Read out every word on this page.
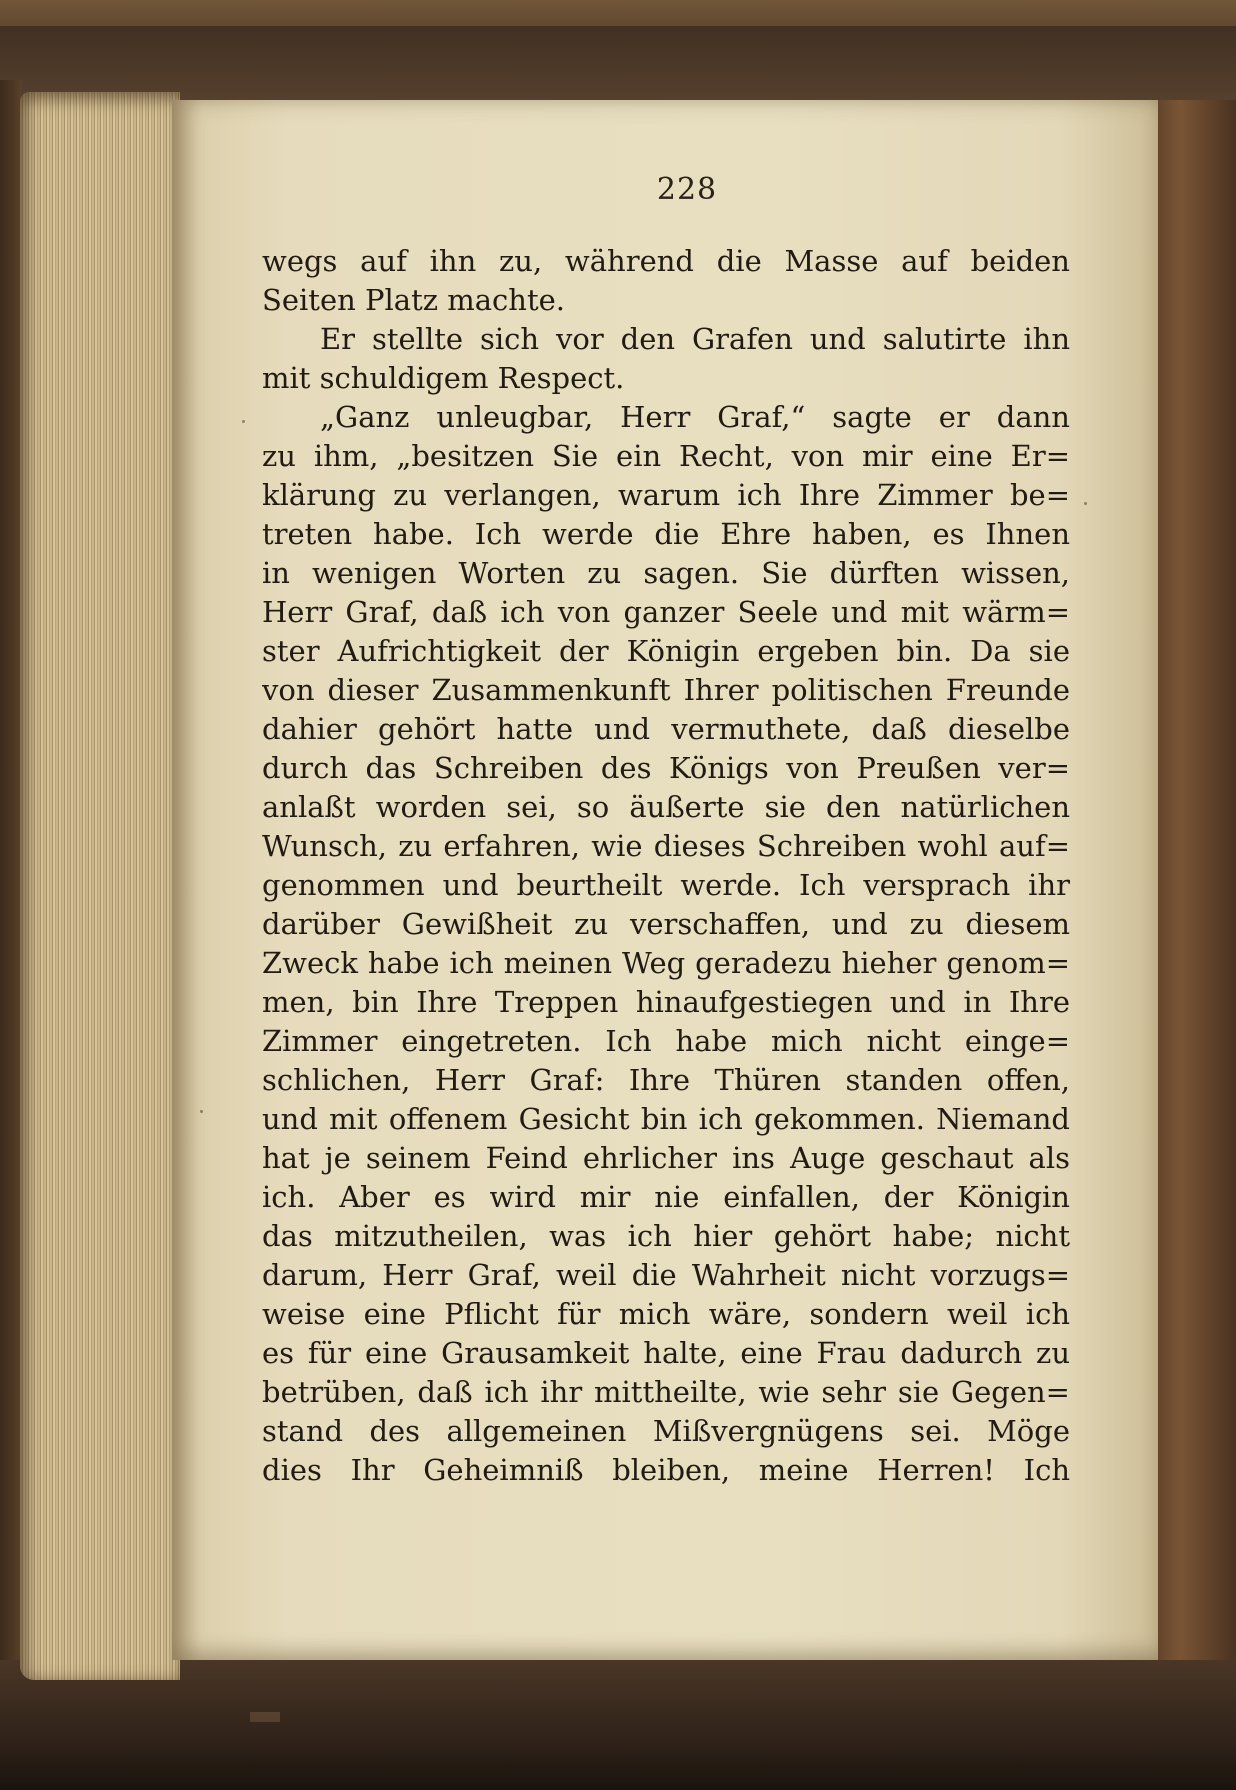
228
wegs auf ihn zu, während die Masse auf beiden
Seiten Platz machte.
Er stellte sich vor den Grafen und salutirte ihn
mit schuldigem Respect.
„Ganz unleugbar, Herr Graf,“ sagte er dann
zu ihm, „besitzen Sie ein Recht, von mir eine Er=
klärung zu verlangen, warum ich Ihre Zimmer be=
treten habe. Ich werde die Ehre haben, es Ihnen
in wenigen Worten zu sagen. Sie dürften wissen,
Herr Graf, daß ich von ganzer Seele und mit wärm=
ster Aufrichtigkeit der Königin ergeben bin. Da sie
von dieser Zusammenkunft Ihrer politischen Freunde
dahier gehört hatte und vermuthete, daß dieselbe
durch das Schreiben des Königs von Preußen ver=
anlaßt worden sei, so äußerte sie den natürlichen
Wunsch, zu erfahren, wie dieses Schreiben wohl auf=
genommen und beurtheilt werde. Ich versprach ihr
darüber Gewißheit zu verschaffen, und zu diesem
Zweck habe ich meinen Weg geradezu hieher genom=
men, bin Ihre Treppen hinaufgestiegen und in Ihre
Zimmer eingetreten. Ich habe mich nicht einge=
schlichen, Herr Graf: Ihre Thüren standen offen,
und mit offenem Gesicht bin ich gekommen. Niemand
hat je seinem Feind ehrlicher ins Auge geschaut als
ich. Aber es wird mir nie einfallen, der Königin
das mitzutheilen, was ich hier gehört habe; nicht
darum, Herr Graf, weil die Wahrheit nicht vorzugs=
weise eine Pflicht für mich wäre, sondern weil ich
es für eine Grausamkeit halte, eine Frau dadurch zu
betrüben, daß ich ihr mittheilte, wie sehr sie Gegen=
stand des allgemeinen Mißvergnügens sei. Möge
dies Ihr Geheimniß bleiben, meine Herren! Ich
